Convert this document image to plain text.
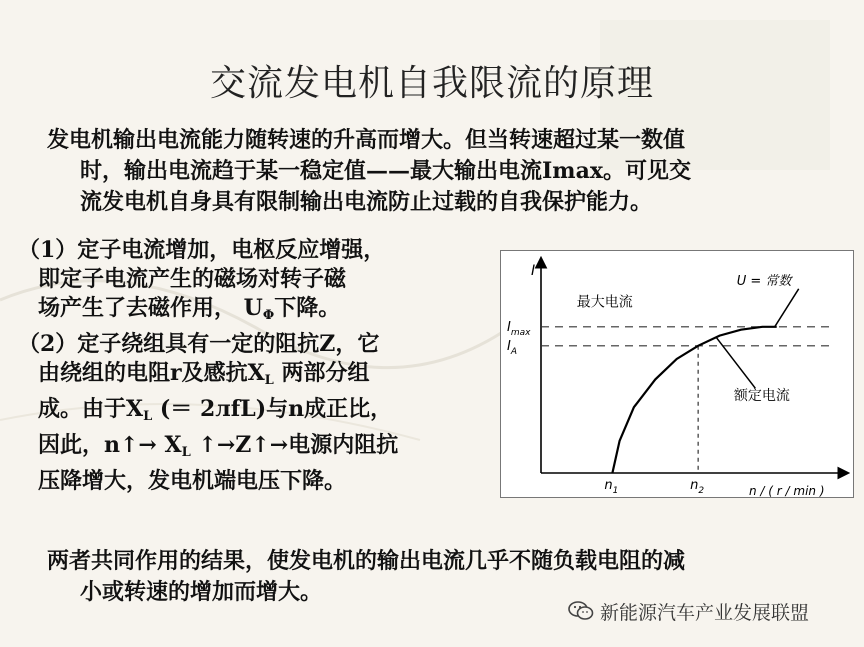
交流发电机自我限流的原理
发电机输出电流能力随转速的升高而增大。但当转速超过某一数值
时，输出电流趋于某一稳定值——最大输出电流Imax。可见交
流发电机自身具有限制输出电流防止过载的自我保护能力。
（1）定子电流增加，电枢反应增强，
即定子电流产生的磁场对转子磁
场产生了去磁作用， $U_\Phi$下降。
（2）定子绕组具有一定的阻抗Z，它
由绕组的电阻r及感抗$X_L$ 两部分组
成。由于$X_L$ (＝ 2лfL)与n成正比，
因此，n↑→ $X_L$ ↑→Z↑→电源内阻抗
压降增大，发电机端电压下降。
I
n / ( r / min )
U = 常数
最大电流
额定电流
$I_{max}$
$I_A$
$n_1$	$n_2$
两者共同作用的结果，使发电机的输出电流几乎不随负载电阻的减
小或转速的增加而增大。
新能源汽车产业发展联盟
